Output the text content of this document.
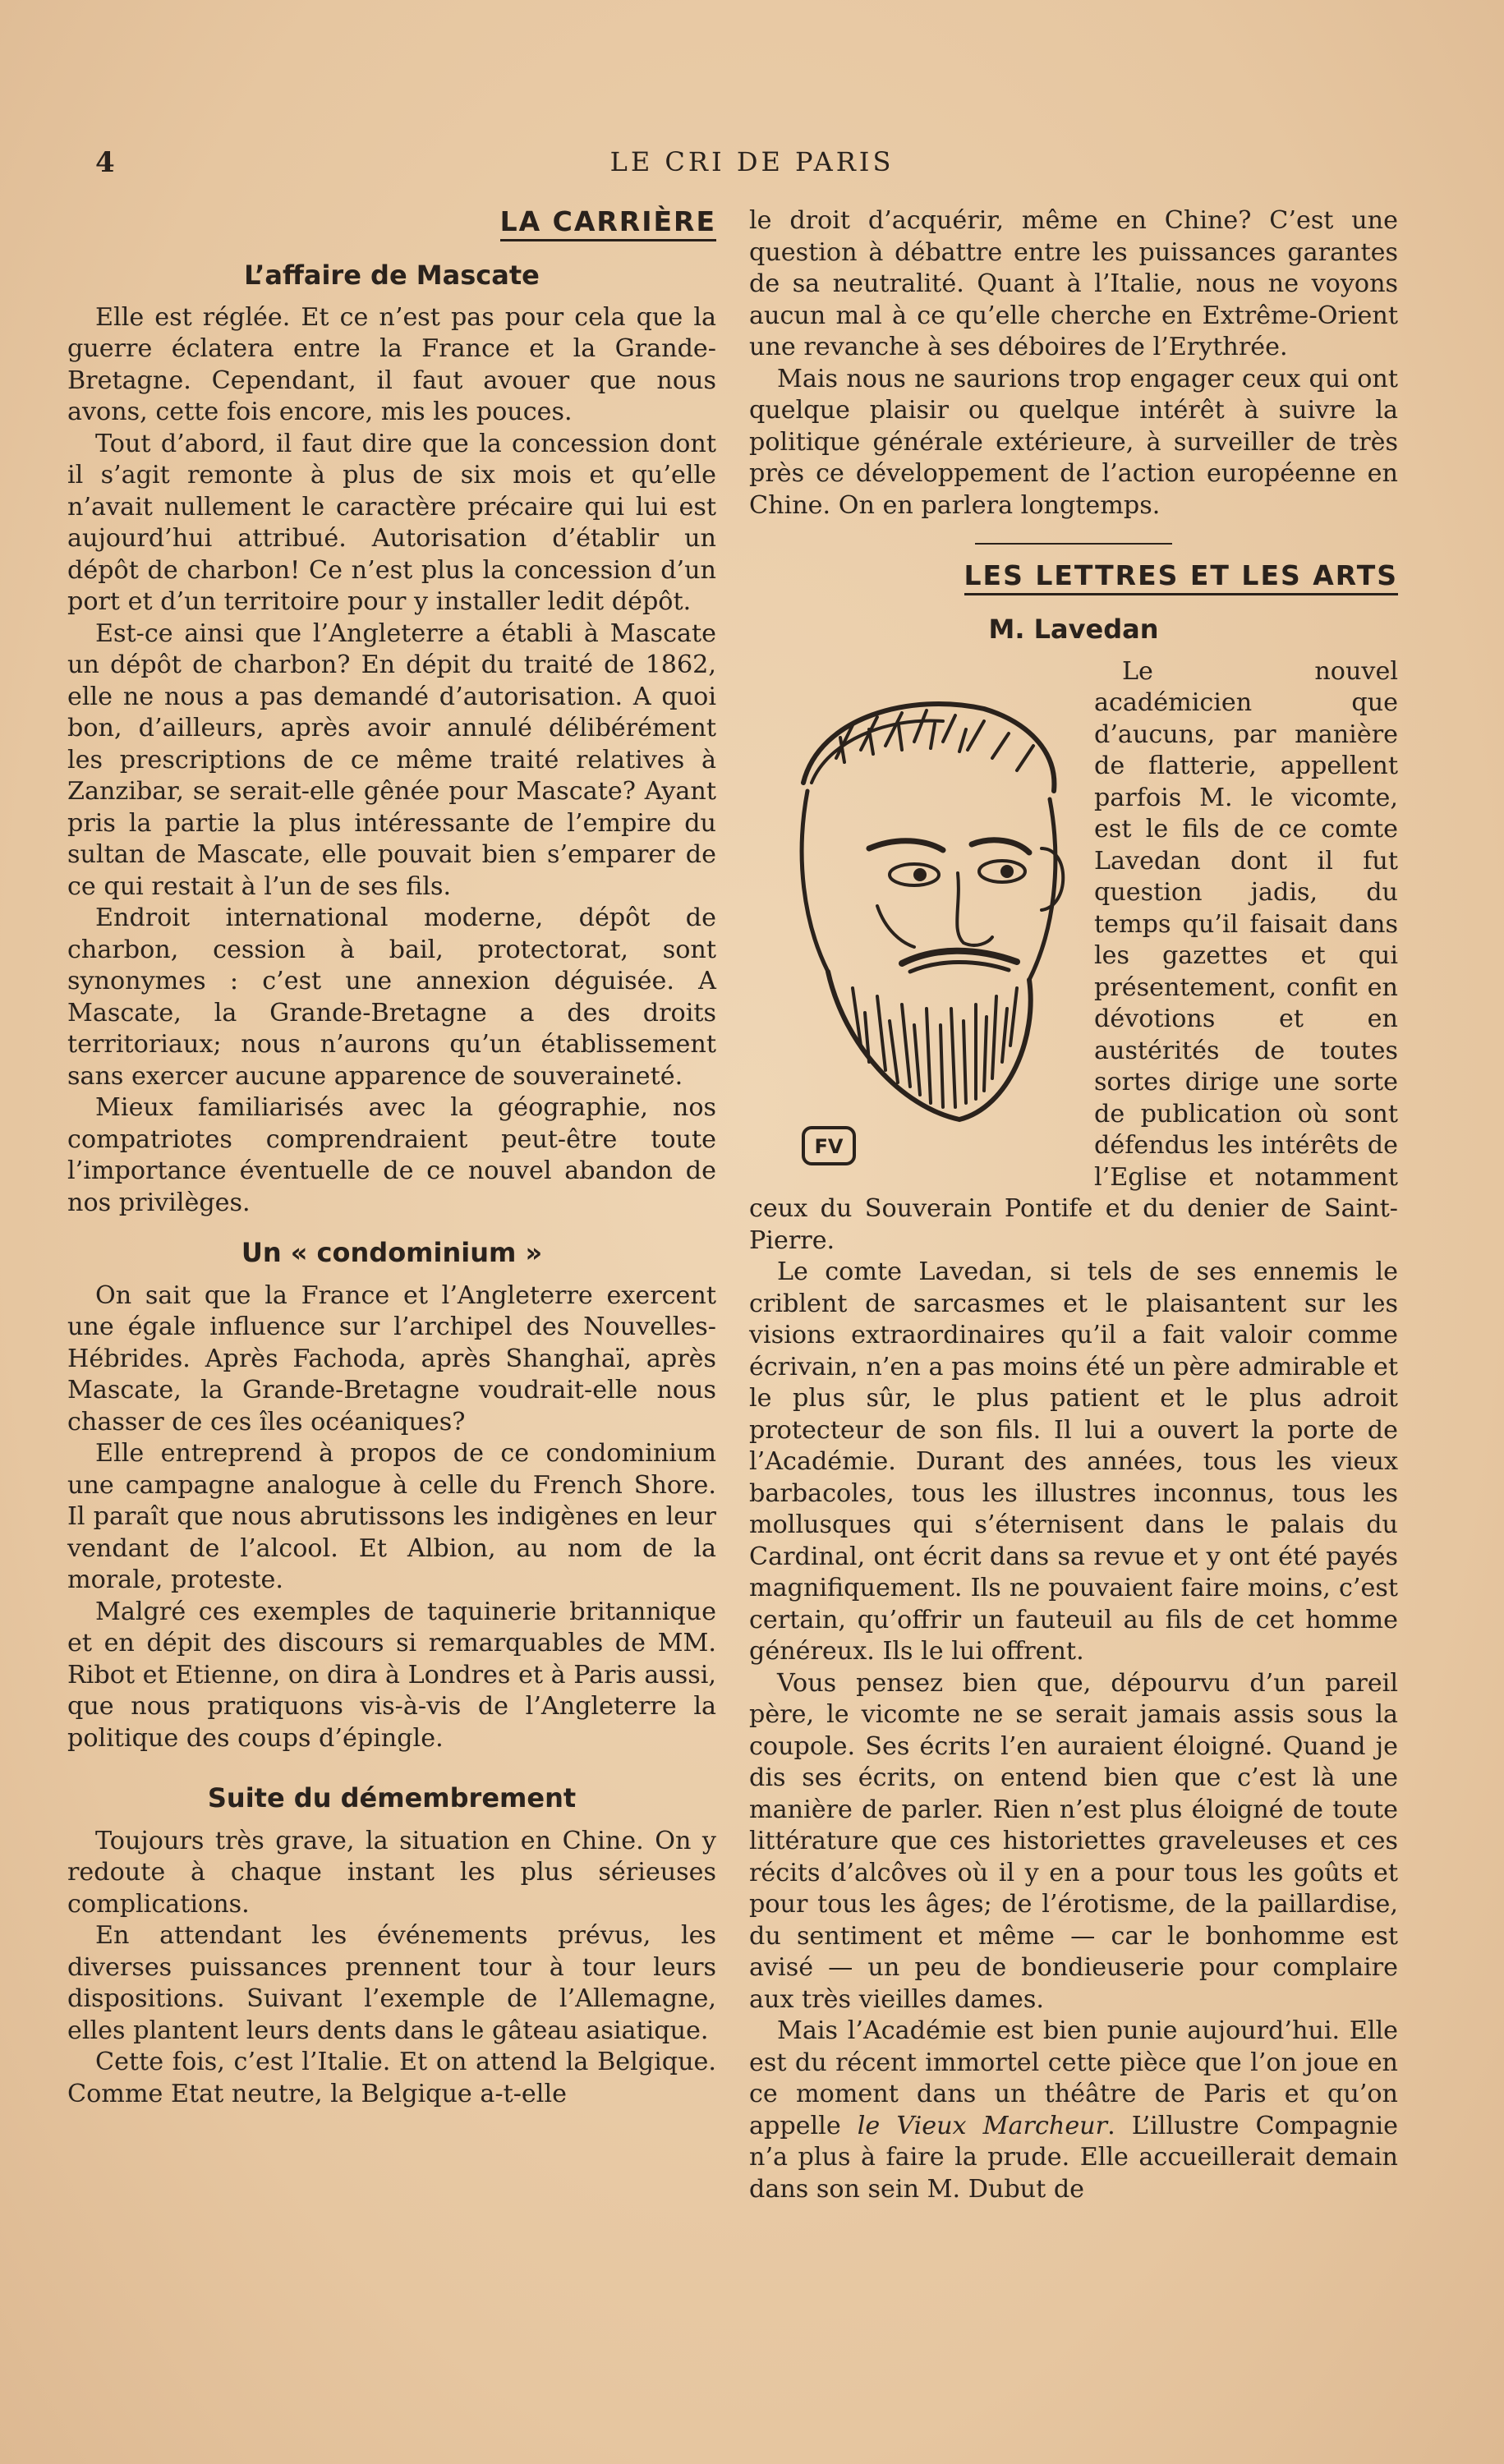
4	LE CRI DE PARIS
LA CARRIÈRE
L’affaire de Mascate

Elle est réglée. Et ce n’est pas pour cela que la guerre éclatera entre la France et la Grande-Bretagne. Cependant, il faut avouer que nous avons, cette fois encore, mis les pouces.

Tout d’abord, il faut dire que la concession dont il s’agit remonte à plus de six mois et qu’elle n’avait nullement le caractère précaire qui lui est aujourd’hui attribué. Autorisation d’établir un dépôt de charbon! Ce n’est plus la concession d’un port et d’un territoire pour y installer ledit dépôt.

Est-ce ainsi que l’Angleterre a établi à Mascate un dépôt de charbon? En dépit du traité de 1862, elle ne nous a pas demandé d’autorisation. A quoi bon, d’ailleurs, après avoir annulé délibérément les prescriptions de ce même traité relatives à Zanzibar, se serait-elle gênée pour Mascate? Ayant pris la partie la plus intéressante de l’empire du sultan de Mascate, elle pouvait bien s’emparer de ce qui restait à l’un de ses fils.

Endroit international moderne, dépôt de charbon, cession à bail, protectorat, sont synonymes : c’est une annexion déguisée. A Mascate, la Grande-Bretagne a des droits territoriaux; nous n’aurons qu’un établissement sans exercer aucune apparence de souveraineté.

Mieux familiarisés avec la géographie, nos compatriotes comprendraient peut-être toute l’importance éventuelle de ce nouvel abandon de nos privilèges.

Un « condominium »

On sait que la France et l’Angleterre exercent une égale influence sur l’archipel des Nouvelles-Hébrides. Après Fachoda, après Shanghaï, après Mascate, la Grande-Bretagne voudrait-elle nous chasser de ces îles océaniques?

Elle entreprend à propos de ce condominium une campagne analogue à celle du French Shore. Il paraît que nous abrutissons les indigènes en leur vendant de l’alcool. Et Albion, au nom de la morale, proteste.

Malgré ces exemples de taquinerie britannique et en dépit des discours si remarquables de MM. Ribot et Etienne, on dira à Londres et à Paris aussi, que nous pratiquons vis-à-vis de l’Angleterre la politique des coups d’épingle.

Suite du démembrement

Toujours très grave, la situation en Chine. On y redoute à chaque instant les plus sérieuses complications.

En attendant les événements prévus, les diverses puissances prennent tour à tour leurs dispositions. Suivant l’exemple de l’Allemagne, elles plantent leurs dents dans le gâteau asiatique.

Cette fois, c’est l’Italie. Et on attend la Belgique. Comme Etat neutre, la Belgique a-t-elle

le droit d’acquérir, même en Chine? C’est une question à débattre entre les puissances garantes de sa neutralité. Quant à l’Italie, nous ne voyons aucun mal à ce qu’elle cherche en Extrême-Orient une revanche à ses déboires de l’Erythrée.

Mais nous ne saurions trop engager ceux qui ont quelque plaisir ou quelque intérêt à suivre la politique générale extérieure, à surveiller de très près ce développement de l’action européenne en Chine. On en parlera longtemps.

LES LETTRES ET LES ARTS
M. Lavedan
FV

Le nouvel académicien que d’aucuns, par manière de flatterie, appellent parfois M. le vicomte, est le fils de ce comte Lavedan dont il fut question jadis, du temps qu’il faisait dans les gazettes et qui présentement, confit en dévotions et en austérités de toutes sortes dirige une sorte de publication où sont défendus les intérêts de l’Eglise et notamment ceux du Souverain Pontife et du denier de Saint-Pierre.

Le comte Lavedan, si tels de ses ennemis le criblent de sarcasmes et le plaisantent sur les visions extraordinaires qu’il a fait valoir comme écrivain, n’en a pas moins été un père admirable et le plus sûr, le plus patient et le plus adroit protecteur de son fils. Il lui a ouvert la porte de l’Académie. Durant des années, tous les vieux barbacoles, tous les illustres inconnus, tous les mollusques qui s’éternisent dans le palais du Cardinal, ont écrit dans sa revue et y ont été payés magnifiquement. Ils ne pouvaient faire moins, c’est certain, qu’offrir un fauteuil au fils de cet homme généreux. Ils le lui offrent.

Vous pensez bien que, dépourvu d’un pareil père, le vicomte ne se serait jamais assis sous la coupole. Ses écrits l’en auraient éloigné. Quand je dis ses écrits, on entend bien que c’est là une manière de parler. Rien n’est plus éloigné de toute littérature que ces historiettes graveleuses et ces récits d’alcôves où il y en a pour tous les goûts et pour tous les âges; de l’érotisme, de la paillardise, du sentiment et même — car le bonhomme est avisé — un peu de bondieuserie pour complaire aux très vieilles dames.

Mais l’Académie est bien punie aujourd’hui. Elle est du récent immortel cette pièce que l’on joue en ce moment dans un théâtre de Paris et qu’on appelle le Vieux Marcheur. L’illustre Compagnie n’a plus à faire la prude. Elle accueillerait demain dans son sein M. Dubut de
